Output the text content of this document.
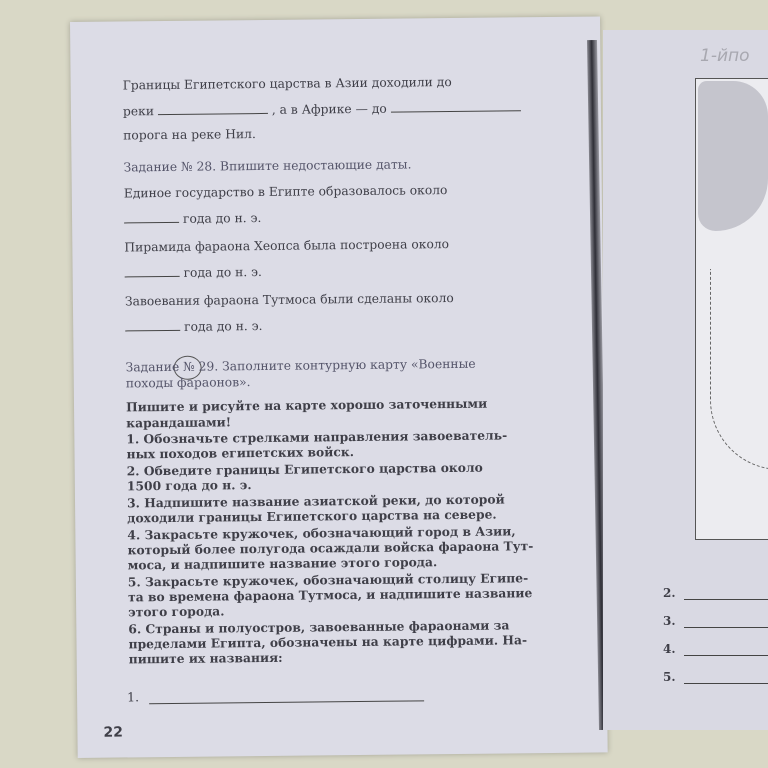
Границы Египетского царства в Азии доходили до
реки	, а в Африке — до
порога на реке Нил.
Задание № 28. Впишите недостающие даты.
Единое государство в Египте образовалось около
года до н. э.
Пирамида фараона Хеопса была построена около
года до н. э.
Завоевания фараона Тутмоса были сделаны около
года до н. э.
Задание № 29. Заполните контурную карту «Военные
походы фараонов».
Пишите и рисуйте на карте хорошо заточенными
карандашами!
1. Обозначьте стрелками направления завоеватель-
ных походов египетских войск.
2. Обведите границы Египетского царства около
1500 года до н. э.
3. Надпишите название азиатской реки, до которой
доходили границы Египетского царства на севере.
4. Закрасьте кружочек, обозначающий город в Азии,
который более полугода осаждали войска фараона Тут-
моса, и надпишите название этого города.
5. Закрасьте кружочек, обозначающий столицу Египе-
та во времена фараона Тутмоса, и надпишите название
этого города.
6. Страны и полуостров, завоеванные фараонами за
пределами Египта, обозначены на карте цифрами. На-
пишите их названия:
1.
22
1-йпо
2.
3.
4.
5.
